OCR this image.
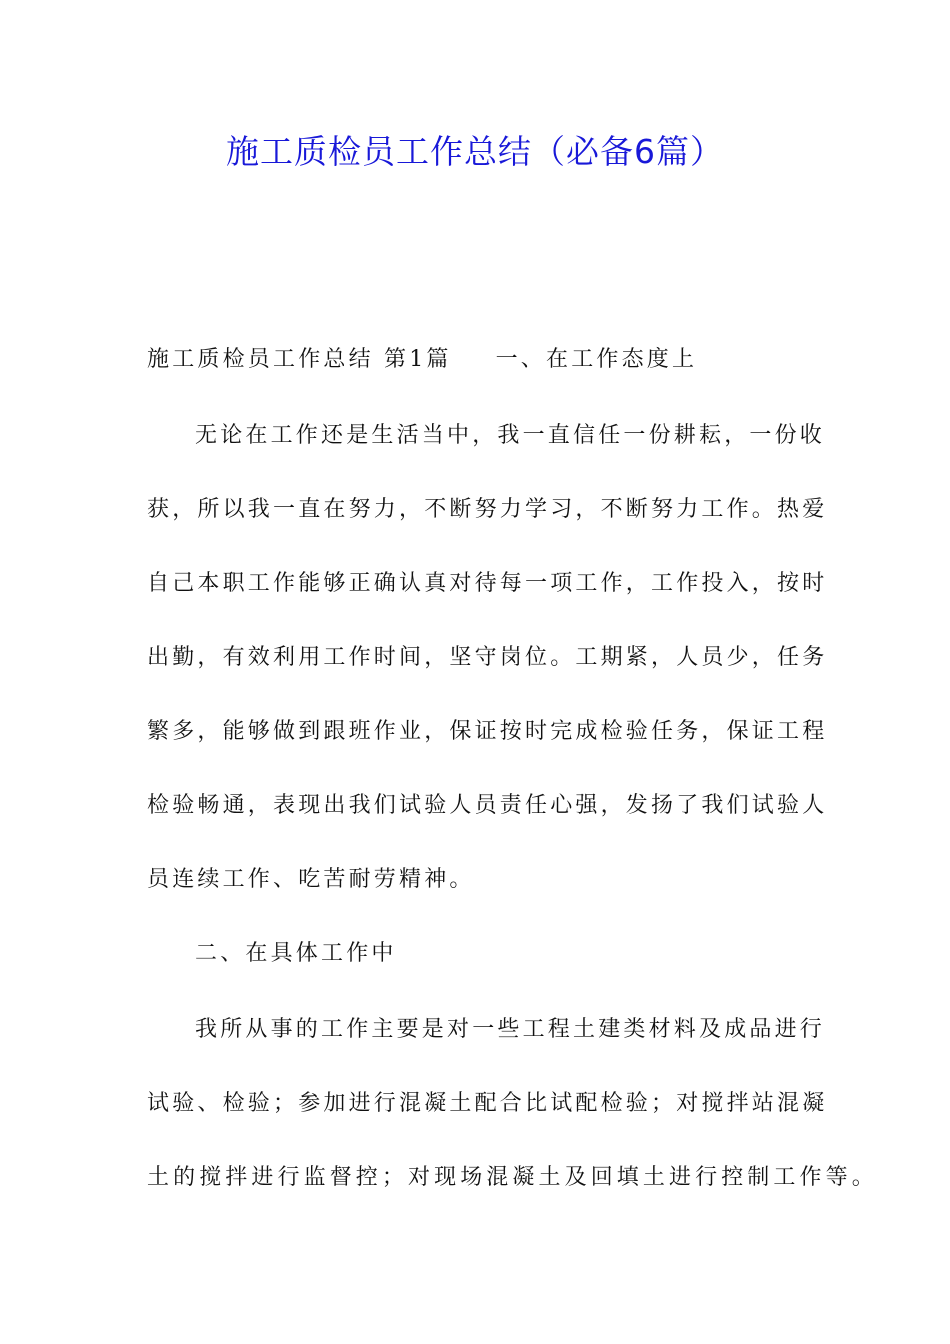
施工质检员工作总结（必备6篇）
施工质检员工作总结 第1篇 一、在工作态度上
无论在工作还是生活当中，我一直信任一份耕耘，一份收
获，所以我一直在努力，不断努力学习，不断努力工作。热爱
自己本职工作能够正确认真对待每一项工作，工作投入，按时
出勤，有效利用工作时间，坚守岗位。工期紧，人员少，任务
繁多，能够做到跟班作业，保证按时完成检验任务，保证工程
检验畅通，表现出我们试验人员责任心强，发扬了我们试验人
员连续工作、吃苦耐劳精神。
二、在具体工作中
我所从事的工作主要是对一些工程土建类材料及成品进行
试验、检验；参加进行混凝土配合比试配检验；对搅拌站混凝
土的搅拌进行监督控；对现场混凝土及回填土进行控制工作等。
